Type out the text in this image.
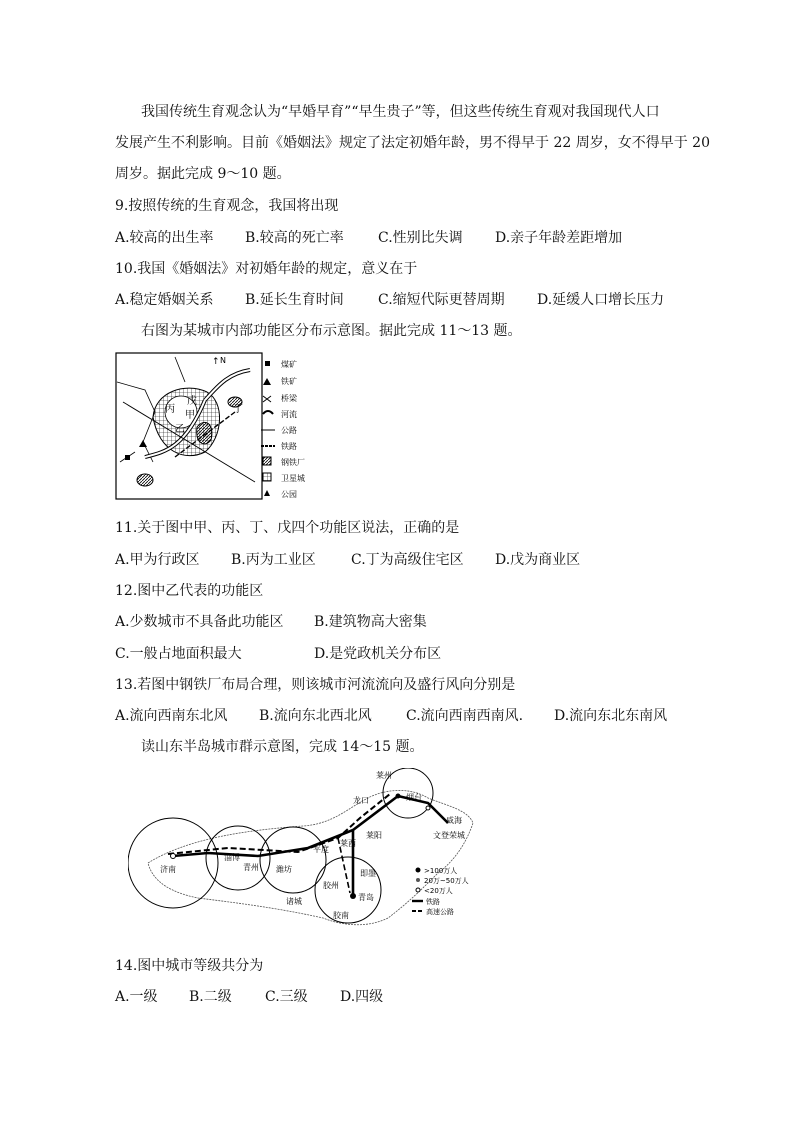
我国传统生育观念认为“早婚早育”“早生贵子”等，但这些传统生育观对我国现代人口
发展产生不利影响。目前《婚姻法》规定了法定初婚年龄，男不得早于 22 周岁，女不得早于 20
周岁。据此完成 9～10 题。
9.按照传统的生育观念，我国将出现
A.较高的出生率 B.较高的死亡率 C.性别比失调 D.亲子年龄差距增加
10.我国《婚姻法》对初婚年龄的规定，意义在于
A.稳定婚姻关系 B.延长生育时间 C.缩短代际更替周期 D.延缓人口增长压力
右图为某城市内部功能区分布示意图。据此完成 11～13 题。
↑ N
甲
乙
丙	丁
戊
煤矿
铁矿
桥梁
河流
公路
铁路
钢铁厂
卫星城
公园
11.关于图中甲、丙、丁、戊四个功能区说法，正确的是
A.甲为行政区 B.丙为工业区	C.丁为高级住宅区 D.戊为商业区
12.图中乙代表的功能区
A.少数城市不具备此功能区 B.建筑物高大密集
C.一般占地面积最大	D.是党政机关分布区
13.若图中钢铁厂布局合理，则该城市河流流向及盛行风向分别是
A.流向西南东北风 B.流向东北西北风 C.流向西南西南风. D.流向东北东南风
读山东半岛城市群示意图，完成 14～15 题。
莱州
龙口	烟台
威海
文登荣城
莱阳
莱西
平度
济南
淄博
青州 潍坊	即墨
胶州
青岛
诸城
胶南
>100万人
20万~50万人
<20万人
铁路
高速公路
14.图中城市等级共分为
A.一级 B.二级 C.三级 D.四级
